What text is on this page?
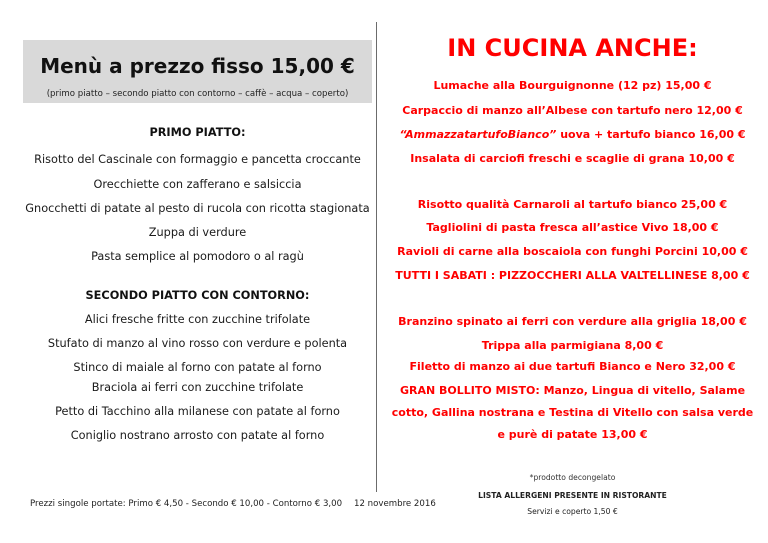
Menù a prezzo fisso 15,00 €
(primo piatto – secondo piatto con contorno – caffè – acqua – coperto)
PRIMO PIATTO:
Risotto del Cascinale con formaggio e pancetta croccante
Orecchiette con zafferano e salsiccia
Gnocchetti di patate al pesto di rucola con ricotta stagionata
Zuppa di verdure
Pasta semplice al pomodoro o al ragù
SECONDO PIATTO CON CONTORNO:
Alici fresche fritte con zucchine trifolate
Stufato di manzo al vino rosso con verdure e polenta
Stinco di maiale al forno con patate al forno
Braciola ai ferri con zucchine trifolate
Petto di Tacchino alla milanese con patate al forno
Coniglio nostrano arrosto con patate al forno
IN CUCINA ANCHE:
Lumache alla Bourguignonne (12 pz) 15,00 €
Carpaccio di manzo all’Albese con tartufo nero 12,00 €
“AmmazzatartufoBianco” uova + tartufo bianco 16,00 €
Insalata di carciofi freschi e scaglie di grana 10,00 €
Risotto qualità Carnaroli al tartufo bianco 25,00 €
Tagliolini di pasta fresca all’astice Vivo 18,00 €
Ravioli di carne alla boscaiola con funghi Porcini 10,00 €
TUTTI I SABATI : PIZZOCCHERI ALLA VALTELLINESE 8,00 €
Branzino spinato ai ferri con verdure alla griglia 18,00 €
Trippa alla parmigiana 8,00 €
Filetto di manzo ai due tartufi Bianco e Nero 32,00 €
GRAN BOLLITO MISTO: Manzo, Lingua di vitello, Salame
cotto, Gallina nostrana e Testina di Vitello con salsa verde
e purè di patate 13,00 €
*prodotto decongelato
Prezzi singole portate: Primo € 4,50 - Secondo € 10,00 - Contorno € 3,00 12 novembre 2016
LISTA ALLERGENI PRESENTE IN RISTORANTE
Servizi e coperto 1,50 €
